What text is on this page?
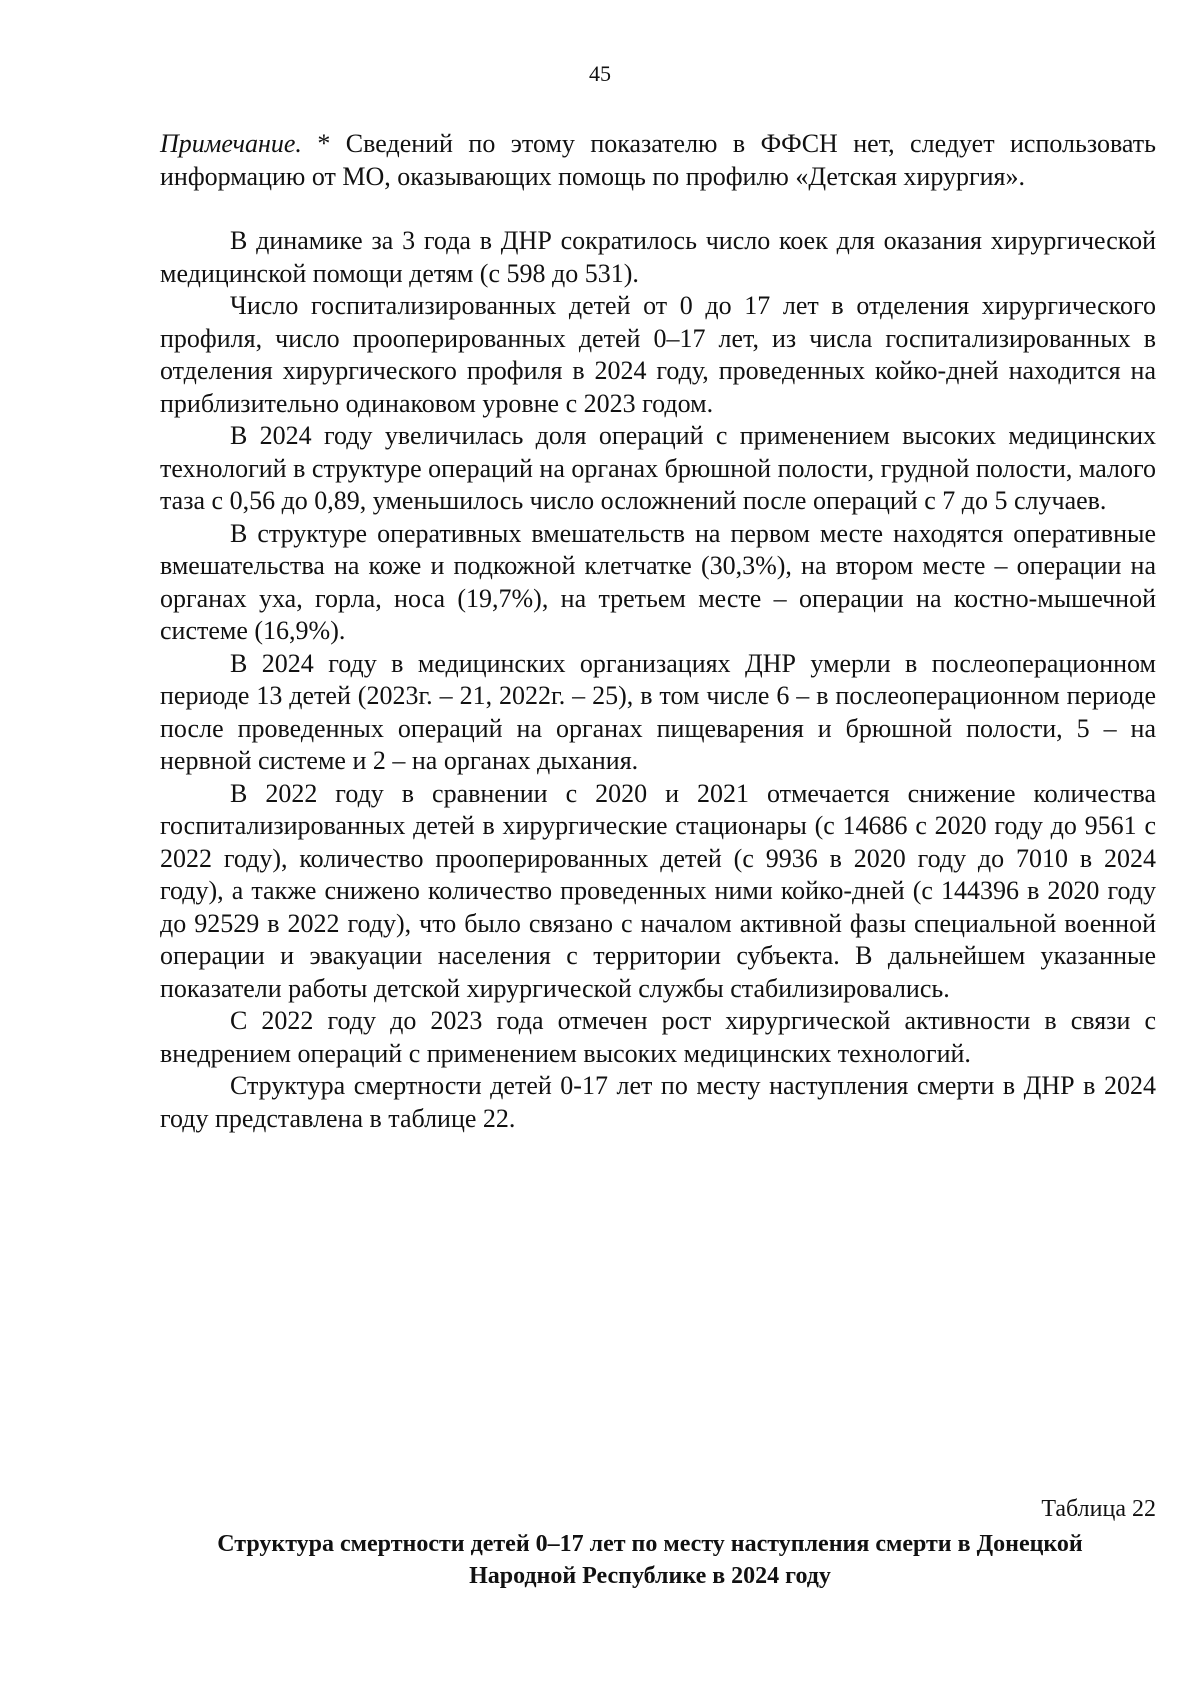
45

Примечание. * Сведений по этому показателю в ФФСН нет, следует использовать информацию от МО, оказывающих помощь по профилю «Детская хирургия».

В динамике за 3 года в ДНР сократилось число коек для оказания хирургической медицинской помощи детям (с 598 до 531).

Число госпитализированных детей от 0 до 17 лет в отделения хирургического профиля, число прооперированных детей 0–17 лет, из числа госпитализированных в отделения хирургического профиля в 2024 году, проведенных койко-дней находится на приблизительно одинаковом уровне с 2023 годом.

В 2024 году увеличилась доля операций с применением высоких медицинских технологий в структуре операций на органах брюшной полости, грудной полости, малого таза с 0,56 до 0,89, уменьшилось число осложнений после операций с 7 до 5 случаев.

В структуре оперативных вмешательств на первом месте находятся оперативные вмешательства на коже и подкожной клетчатке (30,3%), на втором месте – операции на органах уха, горла, носа (19,7%), на третьем месте – операции на костно-мышечной системе (16,9%).

В 2024 году в медицинских организациях ДНР умерли в послеоперационном периоде 13 детей (2023г. – 21, 2022г. – 25), в том числе 6 – в послеоперационном периоде после проведенных операций на органах пищеварения и брюшной полости, 5 – на нервной системе и 2 – на органах дыхания.

В 2022 году в сравнении с 2020 и 2021 отмечается снижение количества госпитализированных детей в хирургические стационары (с 14686 с 2020 году до 9561 с 2022 году), количество прооперированных детей (с 9936 в 2020 году до 7010 в 2024 году), а также снижено количество проведенных ними койко-дней (с 144396 в 2020 году до 92529 в 2022 году), что было связано с началом активной фазы специальной военной операции и эвакуации населения с территории субъекта. В дальнейшем указанные показатели работы детской хирургической службы стабилизировались.

С 2022 году до 2023 года отмечен рост хирургической активности в связи с внедрением операций с применением высоких медицинских технологий.

Структура смертности детей 0-17 лет по месту наступления смерти в ДНР в 2024 году представлена в таблице 22.

Таблица 22
Структура смертности детей 0–17 лет по месту наступления смерти в Донецкой Народной Республике в 2024 году
